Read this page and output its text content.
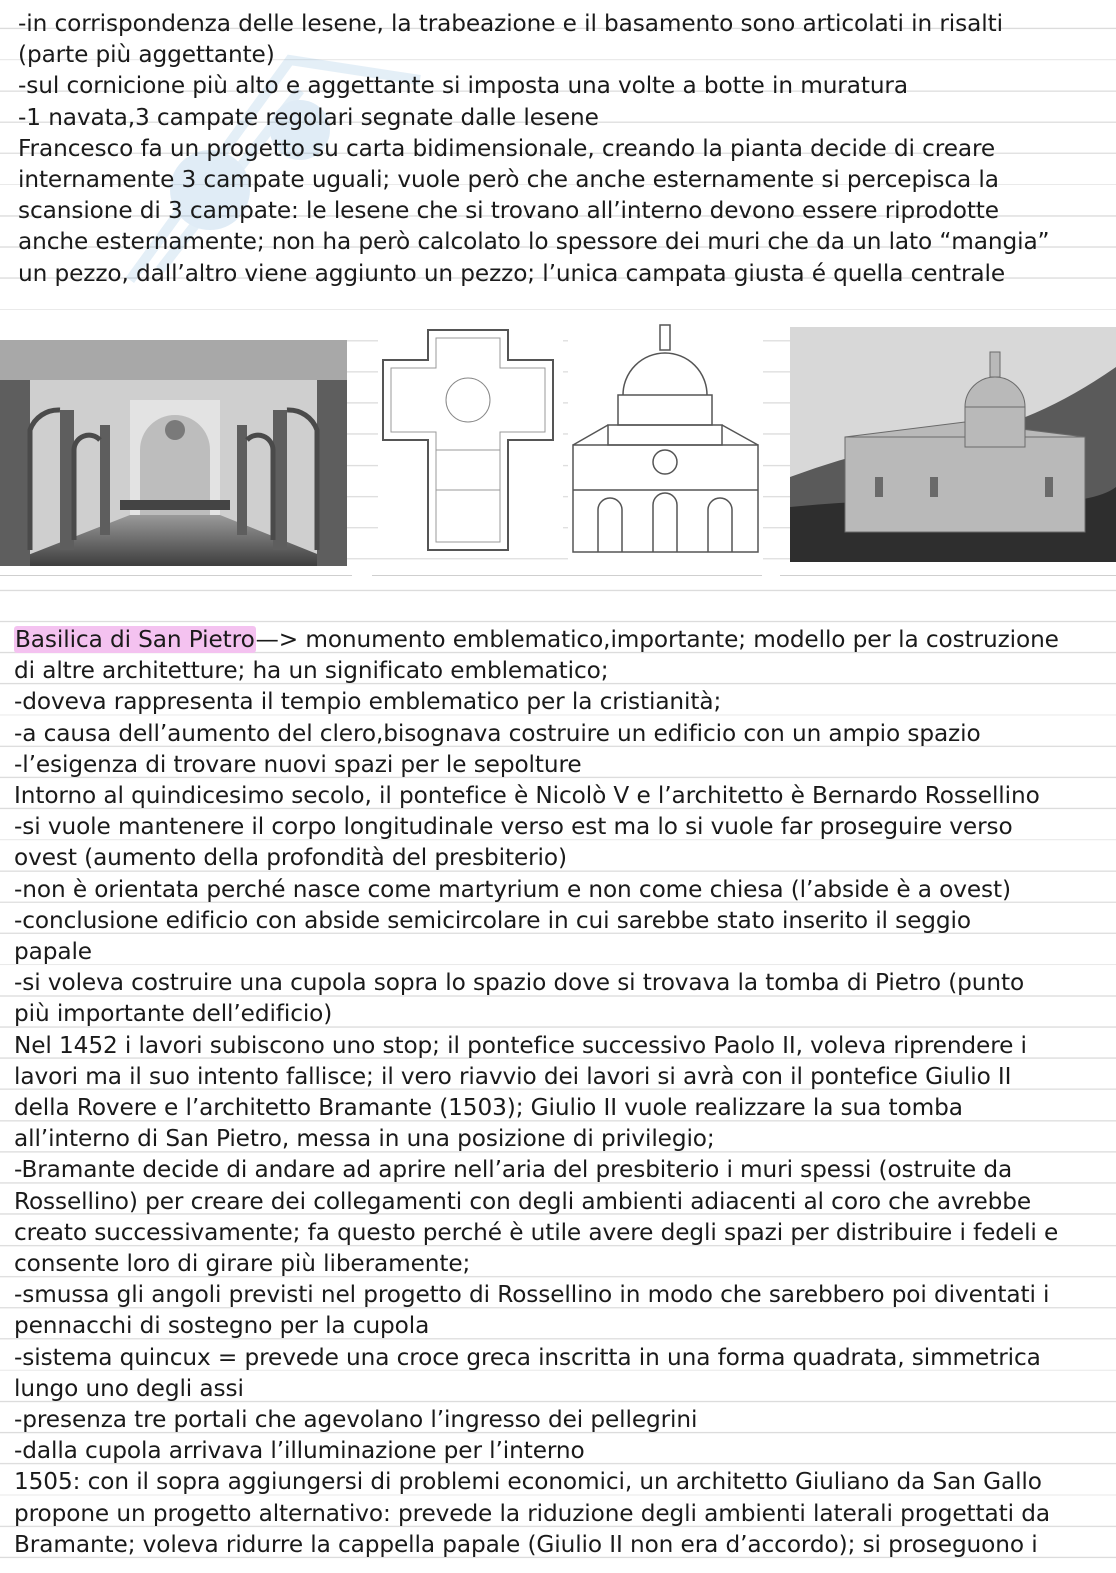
-in corrispondenza delle lesene, la trabeazione e il basamento sono articolati in risalti
(parte più aggettante)
-sul cornicione più alto e aggettante si imposta una volte a botte in muratura
-1 navata,3 campate regolari segnate dalle lesene
Francesco fa un progetto su carta bidimensionale, creando la pianta decide di creare
internamente 3 campate uguali; vuole però che anche esternamente si percepisca la
scansione di 3 campate: le lesene che si trovano all’interno devono essere riprodotte
anche esternamente; non ha però calcolato lo spessore dei muri che da un lato “mangia”
un pezzo, dall’altro viene aggiunto un pezzo; l’unica campata giusta é quella centrale
Basilica di San Pietro—> monumento emblematico,importante; modello per la costruzione
di altre architetture; ha un significato emblematico;
-doveva rappresenta il tempio emblematico per la cristianità;
-a causa dell’aumento del clero,bisognava costruire un edificio con un ampio spazio
-l’esigenza di trovare nuovi spazi per le sepolture
Intorno al quindicesimo secolo, il pontefice è Nicolò V e l’architetto è Bernardo Rossellino
-si vuole mantenere il corpo longitudinale verso est ma lo si vuole far proseguire verso
ovest (aumento della profondità del presbiterio)
-non è orientata perché nasce come martyrium e non come chiesa (l’abside è a ovest)
-conclusione edificio con abside semicircolare in cui sarebbe stato inserito il seggio
papale
-si voleva costruire una cupola sopra lo spazio dove si trovava la tomba di Pietro (punto
più importante dell’edificio)
Nel 1452 i lavori subiscono uno stop; il pontefice successivo Paolo II, voleva riprendere i
lavori ma il suo intento fallisce; il vero riavvio dei lavori si avrà con il pontefice Giulio II
della Rovere e l’architetto Bramante (1503); Giulio II vuole realizzare la sua tomba
all’interno di San Pietro, messa in una posizione di privilegio;
-Bramante decide di andare ad aprire nell’aria del presbiterio i muri spessi (ostruite da
Rossellino) per creare dei collegamenti con degli ambienti adiacenti al coro che avrebbe
creato successivamente; fa questo perché è utile avere degli spazi per distribuire i fedeli e
consente loro di girare più liberamente;
-smussa gli angoli previsti nel progetto di Rossellino in modo che sarebbero poi diventati i
pennacchi di sostegno per la cupola
-sistema quincux = prevede una croce greca inscritta in una forma quadrata, simmetrica
lungo uno degli assi
-presenza tre portali che agevolano l’ingresso dei pellegrini
-dalla cupola arrivava l’illuminazione per l’interno
1505: con il sopra aggiungersi di problemi economici, un architetto Giuliano da San Gallo
propone un progetto alternativo: prevede la riduzione degli ambienti laterali progettati da
Bramante; voleva ridurre la cappella papale (Giulio II non era d’accordo); si proseguono i
